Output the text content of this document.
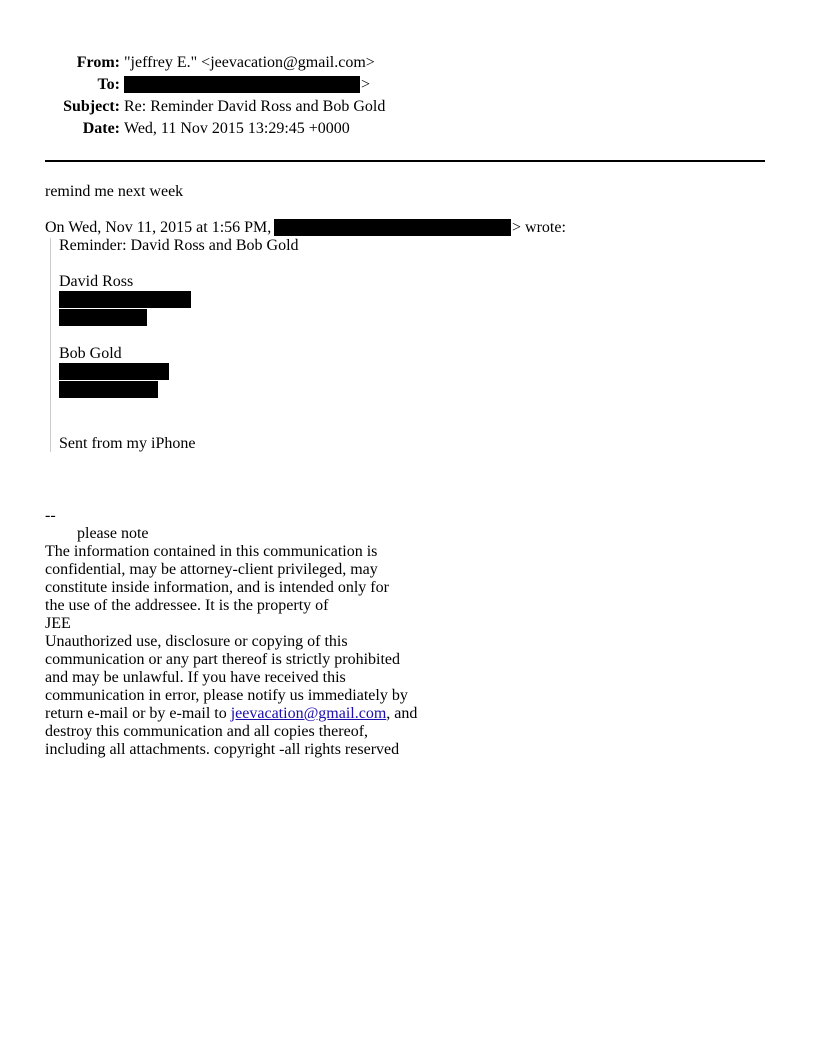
From: "jeffrey E." <jeevacation@gmail.com>
To:	>
Subject: Re: Reminder David Ross and Bob Gold
Date: Wed, 11 Nov 2015 13:29:45 +0000
remind me next week
On Wed, Nov 11, 2015 at 1:56 PM,	> wrote:
Reminder: David Ross and Bob Gold
David Ross
Bob Gold
Sent from my iPhone
--
please note
The information contained in this communication is
confidential, may be attorney-client privileged, may
constitute inside information, and is intended only for
the use of the addressee. It is the property of
JEE
Unauthorized use, disclosure or copying of this
communication or any part thereof is strictly prohibited
and may be unlawful. If you have received this
communication in error, please notify us immediately by
return e-mail or by e-mail to jeevacation@gmail.com, and
destroy this communication and all copies thereof,
including all attachments. copyright -all rights reserved
